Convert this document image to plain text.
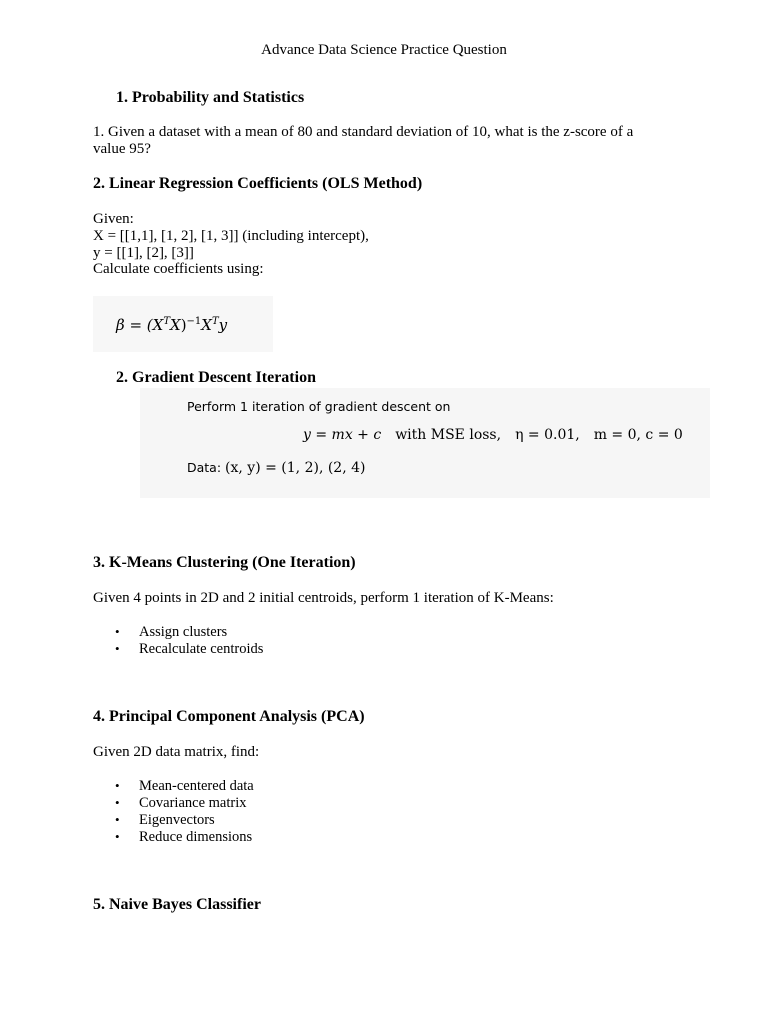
Advance Data Science Practice Question
1. Probability and Statistics
1. Given a dataset with a mean of 80 and standard deviation of 10, what is the z-score of a
value 95?
2. Linear Regression Coefficients (OLS Method)
Given:
X = [[1,1], [1, 2], [1, 3]] (including intercept),
y = [[1], [2], [3]]
Calculate coefficients using:
$\beta = (X^TX)^{-1}X^Ty$
2. Gradient Descent Iteration
Perform 1 iteration of gradient descent on
y = mx + c with MSE loss, η = 0.01, m = 0, c = 0
Data: (x, y) = (1, 2), (2, 4)
3. K-Means Clustering (One Iteration)
Given 4 points in 2D and 2 initial centroids, perform 1 iteration of K-Means:
• Assign clusters
• Recalculate centroids
4. Principal Component Analysis (PCA)
Given 2D data matrix, find:
• Mean-centered data
• Covariance matrix
• Eigenvectors
• Reduce dimensions
5. Naive Bayes Classifier
